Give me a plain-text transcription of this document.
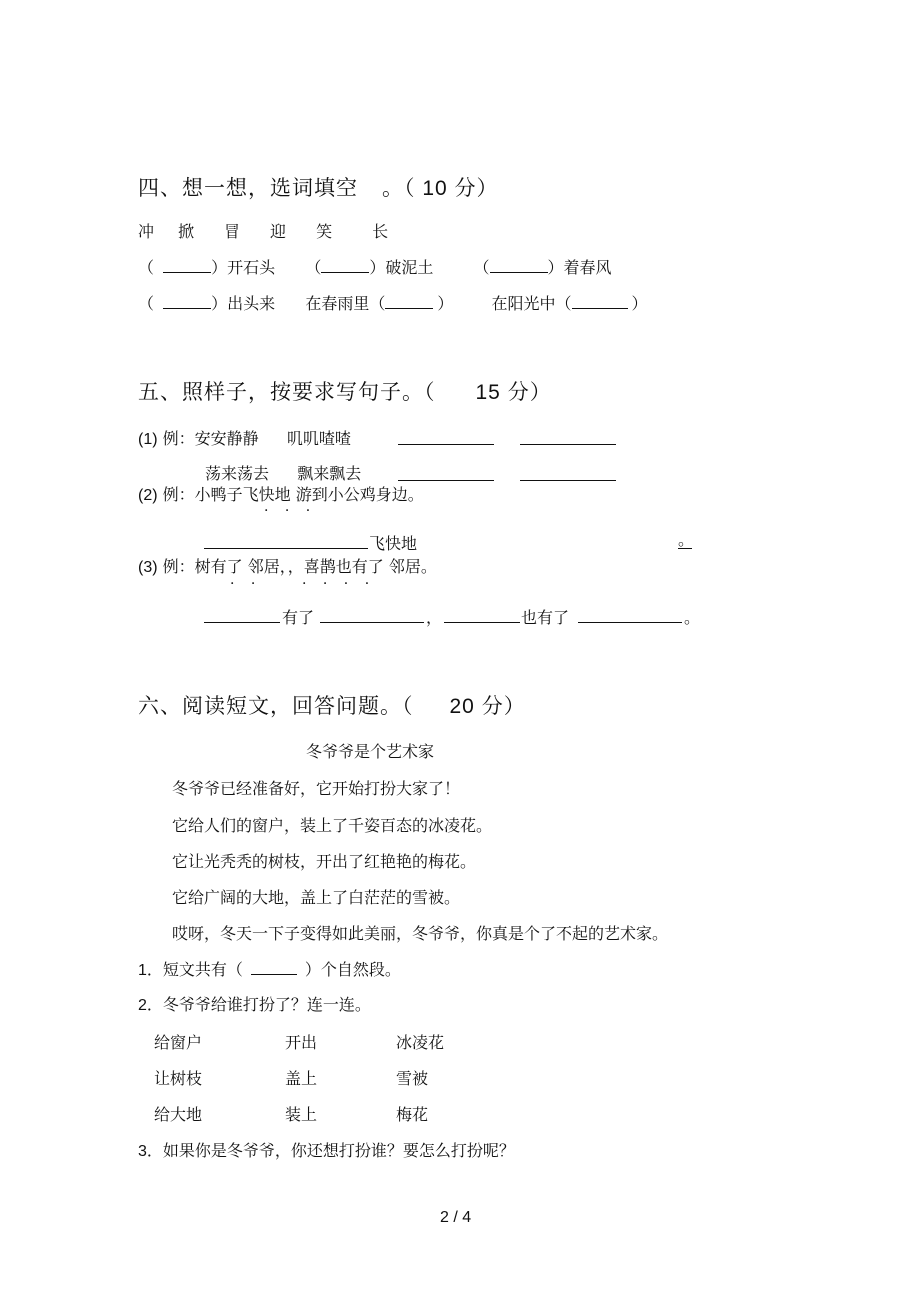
四、想一想，选词填空 。（ 10 分）
冲 掀 冒 迎 笑	长
（	）开石头 （	）破泥土	（	）着春风
（	）出头来 在春雨里（	） 在阳光中（	）
五、照样子，按要求写句子。（ 15 分）
(1) 例：安安静静 叽叽喳喳
荡来荡去 飘来飘去
(2) 例：小鸭子飞快地 游到小公鸡身边。
· · ·
飞快地	。
(3) 例：树有了 邻居，，喜鹊也有了 邻居。
· ·	· · · ·
有了	，	也有了	。
六、阅读短文，回答问题。（ 20 分）
冬爷爷是个艺术家
冬爷爷已经准备好，它开始打扮大家了！
它给人们的窗户，装上了千姿百态的冰凌花。
它让光秃秃的树枝，开出了红艳艳的梅花。
它给广阔的大地，盖上了白茫茫的雪被。
哎呀，冬天一下子变得如此美丽，冬爷爷，你真是个了不起的艺术家。
1．短文共有（	）个自然段。
2．冬爷爷给谁打扮了？连一连。
给窗户	开出	冰凌花
让树枝	盖上	雪被
给大地	装上	梅花
3．如果你是冬爷爷，你还想打扮谁？要怎么打扮呢？
2 / 4
